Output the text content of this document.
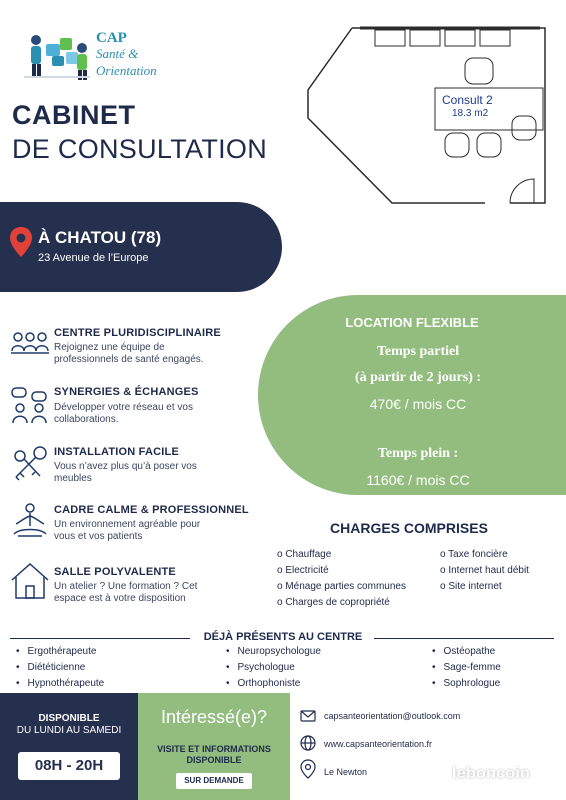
CAP
Santé &
Orientation
CABINET
DE CONSULTATION
Consult 2
18.3 m2
À CHATOU (78)
23 Avenue de l’Europe
CENTRE PLURIDISCIPLINAIRE
Rejoignez une équipe de
professionnels de santé engagés.
SYNERGIES & ÉCHANGES
Développer votre réseau et vos
collaborations.
INSTALLATION FACILE
Vous n’avez plus qu’à poser vos
meubles
CADRE CALME & PROFESSIONNEL
Un environnement agréable pour
vous et vos patients
SALLE POLYVALENTE
Un atelier ? Une formation ? Cet
espace est à votre disposition
LOCATION FLEXIBLE
Temps partiel
(à partir de 2 jours) :
470€ / mois CC
Temps plein :
1160€ / mois CC
CHARGES COMPRISES
o Chauffage
o Electricité
o Ménage parties communes
o Charges de copropriété
o Taxe foncière
o Internet haut débit
o Site internet
DÉJÀ PRÉSENTS AU CENTRE
• Ergothérapeute
• Diététicienne
• Hypnothérapeute
• Neuropsychologue
• Psychologue
• Orthophoniste
• Ostéopathe
• Sage-femme
• Sophrologue
DISPONIBLE
DU LUNDI AU SAMEDI
08H - 20H
Intéressé(e)?
VISITE ET INFORMATIONS
DISPONIBLE
SUR DEMANDE
capsanteorientation@outlook.com
www.capsanteorientation.fr
Le Newton	leboncoin
